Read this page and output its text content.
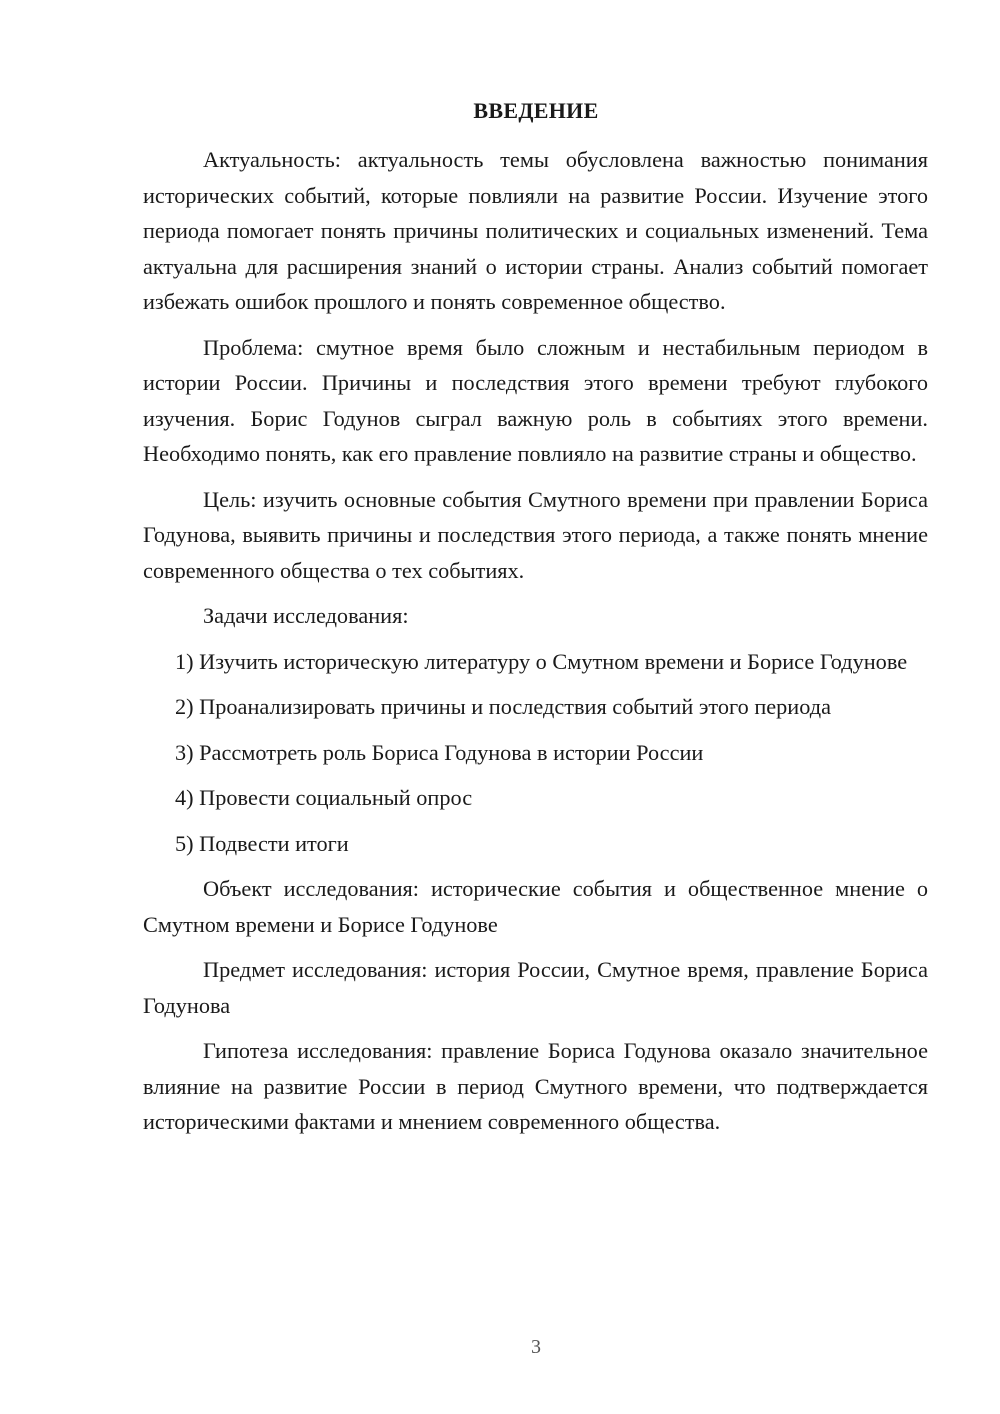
ВВЕДЕНИЕ

Актуальность: актуальность темы обусловлена важностью понимания исторических событий, которые повлияли на развитие России. Изучение этого периода помогает понять причины политических и социальных изменений. Тема актуальна для расширения знаний о истории страны. Анализ событий помогает избежать ошибок прошлого и понять современное общество.

Проблема: смутное время было сложным и нестабильным периодом в истории России. Причины и последствия этого времени требуют глубокого изучения. Борис Годунов сыграл важную роль в событиях этого времени. Необходимо понять, как его правление повлияло на развитие страны и общество.

Цель: изучить основные события Смутного времени при правлении Бориса Годунова, выявить причины и последствия этого периода, а также понять мнение современного общества о тех событиях.

Задачи исследования:

1) Изучить историческую литературу о Смутном времени и Борисе Годунове

2) Проанализировать причины и последствия событий этого периода

3) Рассмотреть роль Бориса Годунова в истории России

4) Провести социальный опрос

5) Подвести итоги

Объект исследования: исторические события и общественное мнение о Смутном времени и Борисе Годунове

Предмет исследования: история России, Смутное время, правление Бориса Годунова

Гипотеза исследования: правление Бориса Годунова оказало значительное влияние на развитие России в период Смутного времени, что подтверждается историческими фактами и мнением современного общества.

3
